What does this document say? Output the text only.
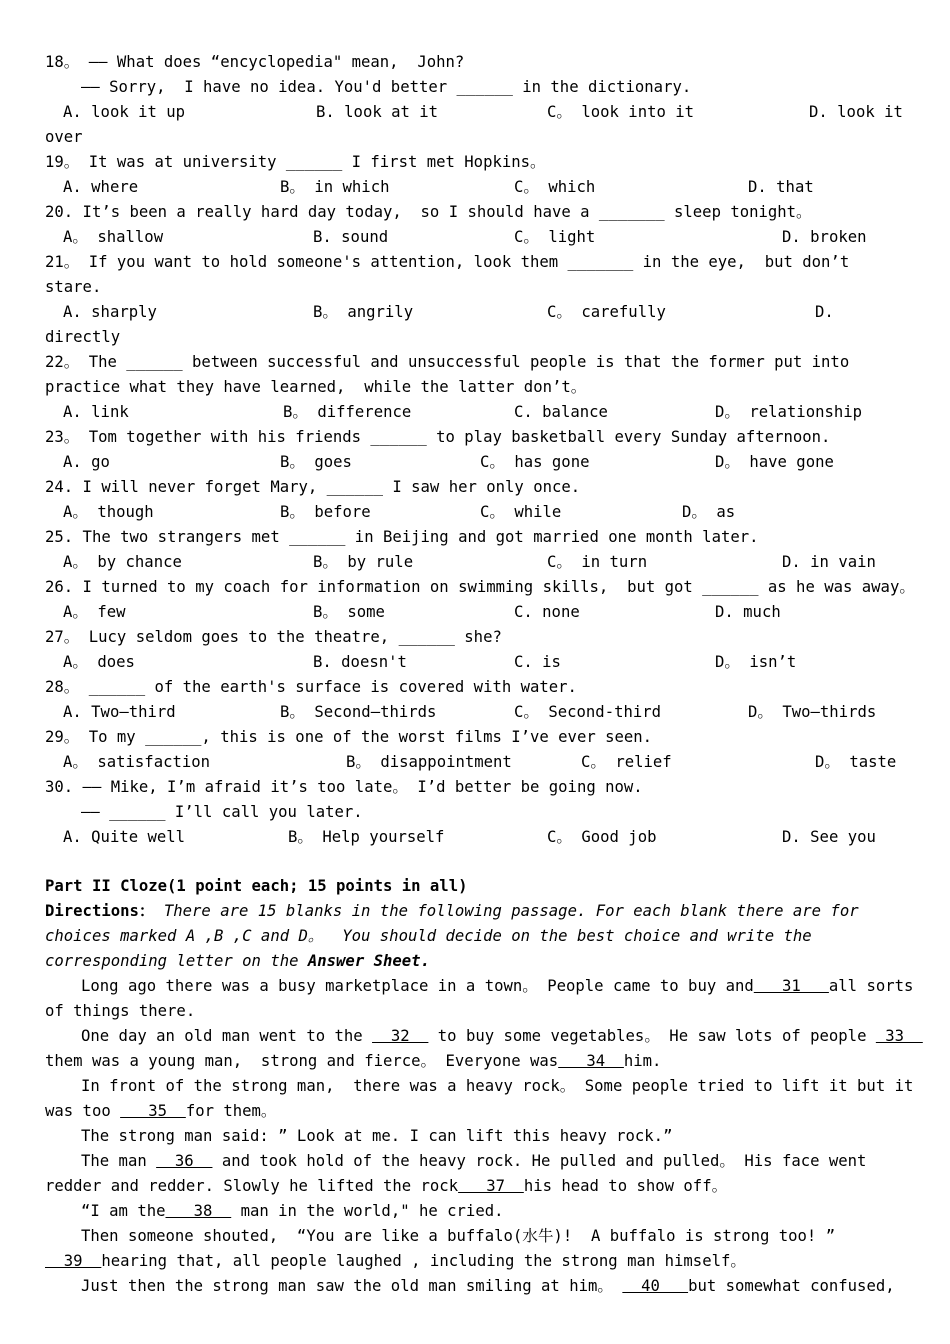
18。 —— What does “encyclopedia" mean,  John?
—— Sorry,  I have no idea. You'd better ______ in the dictionary.
A. look it up	B. look at it	C。 look into it	D. look it
over
19。 It was at university ______ I first met Hopkins。
A. where	B。 in which	C。 which	D. that
20. It’s been a really hard day today,  so I should have a _______ sleep tonight。
A。 shallow	B. sound	C。 light	D. broken
21。 If you want to hold someone's attention, look them _______ in the eye,  but don’t
stare.
A. sharply	B。 angrily	C。 carefully	D.
directly
22。 The ______ between successful and unsuccessful people is that the former put into
practice what they have learned,  while the latter don’t。
A. link	B。 difference	C. balance	D。 relationship
23。 Tom together with his friends ______ to play basketball every Sunday afternoon.
A. go	B。 goes	C。 has gone	D。 have gone
24. I will never forget Mary, ______ I saw her only once.
A。 though	B。 before	C。 while	D。 as
25. The two strangers met ______ in Beijing and got married one month later.
A。 by chance	B。 by rule	C。 in turn	D. in vain
26. I turned to my coach for information on swimming skills,  but got ______ as he was away。
A。 few	B。 some	C. none	D. much
27。 Lucy seldom goes to the theatre, ______ she?
A。 does	B. doesn't	C. is	D。 isn’t
28。 ______ of the earth's surface is covered with water.
A. Two—third	B。 Second—thirds	C。 Second-third	D。 Two—thirds
29。 To my ______, this is one of the worst films I’ve ever seen.
A。 satisfaction	B。 disappointment	C。 relief	D。 taste
30. —— Mike, I’m afraid it’s too late。 I’d better be going now.
—— ______ I’ll call you later.
A. Quite well	B。 Help yourself	C。 Good job	D. See you
Part II Cloze(1 point each; 15 points in all)
Directions： There are 15 blanks in the following passage. For each blank there are for
choices marked A ,B ,C and D。  You should decide on the best choice and write the
corresponding letter on the Answer Sheet.
Long ago there was a busy marketplace in a town。 People came to buy and   31   all sorts
of things there.
One day an old man went to the   32   to buy some vegetables。 He saw lots of people  33
them was a young man,  strong and fierce。 Everyone was   34  him.
In front of the strong man,  there was a heavy rock。 Some people tried to lift it but it
was too    35  for them。
The strong man said: ” Look at me. I can lift this heavy rock.”
The man   36   and took hold of the heavy rock. He pulled and pulled。 His face went
redder and redder. Slowly he lifted the rock   37  his head to show off。
“I am the   38   man in the world," he cried.
Then someone shouted,  “You are like a buffalo(水牛)!  A buffalo is strong too! ”
39  hearing that, all people laughed , including the strong man himself。
Just then the strong man saw the old man smiling at him。   40   but somewhat confused,
